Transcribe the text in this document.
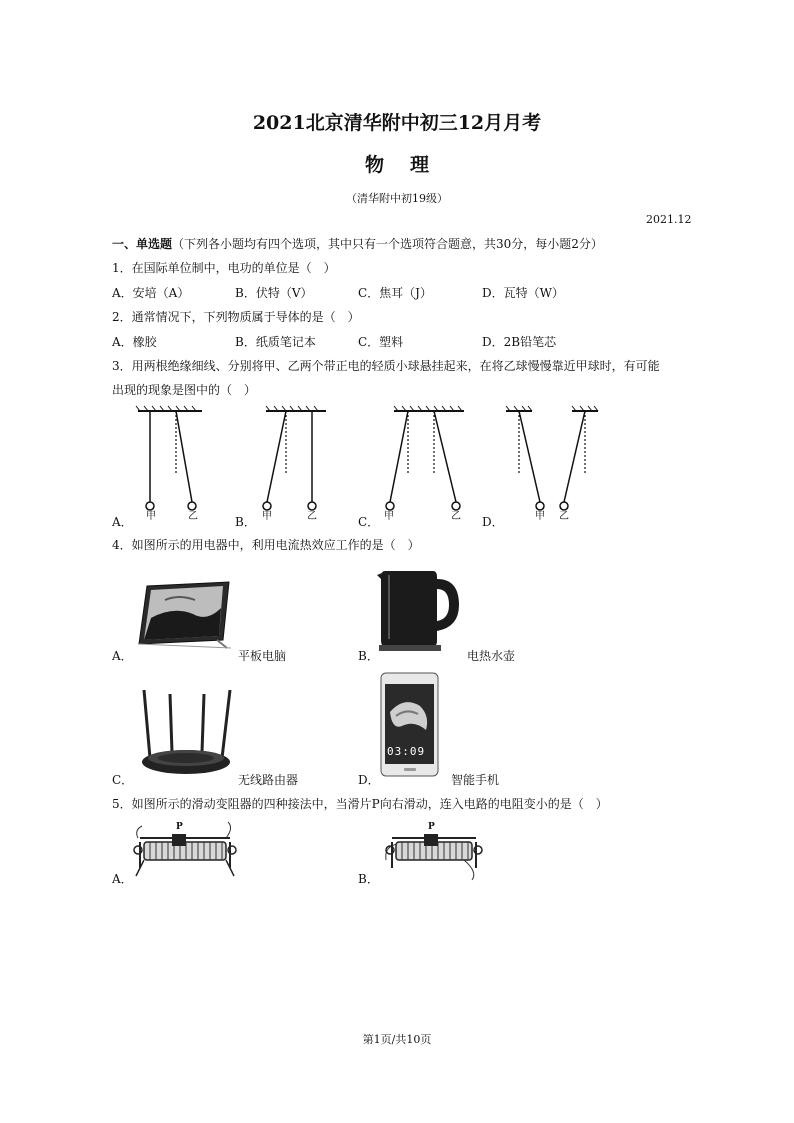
2021北京清华附中初三12月月考
物理
（清华附中初19级）
2021.12
一、单选题（下列各小题均有四个选项，其中只有一个选项符合题意，共30分，每小题2分）
1．在国际单位制中，电功的单位是（　）
A．安培（A）	B．伏特（V）	C．焦耳（J）	D．瓦特（W）
2．通常情况下，下列物质属于导体的是（　）
A．橡胶	B．纸质笔记本	C．塑料	D．2B铅笔芯
3．用两根绝缘细线、分别将甲、乙两个带正电的轻质小球悬挂起来，在将乙球慢慢靠近甲球时，有可能
出现的现象是图中的（　）
甲	乙
A．	甲	乙
B．	甲	乙
C．	甲 乙
D．
4．如图所示的用电器中，利用电流热效应工作的是（　）
A．	平板电脑	B．	电热水壶
C．	无线路由器
03:09
D．	智能手机
5．如图所示的滑动变阻器的四种接法中，当滑片P向右滑动，连入电路的电阻变小的是（　）
P
A．
P
B．
第1页/共10页
